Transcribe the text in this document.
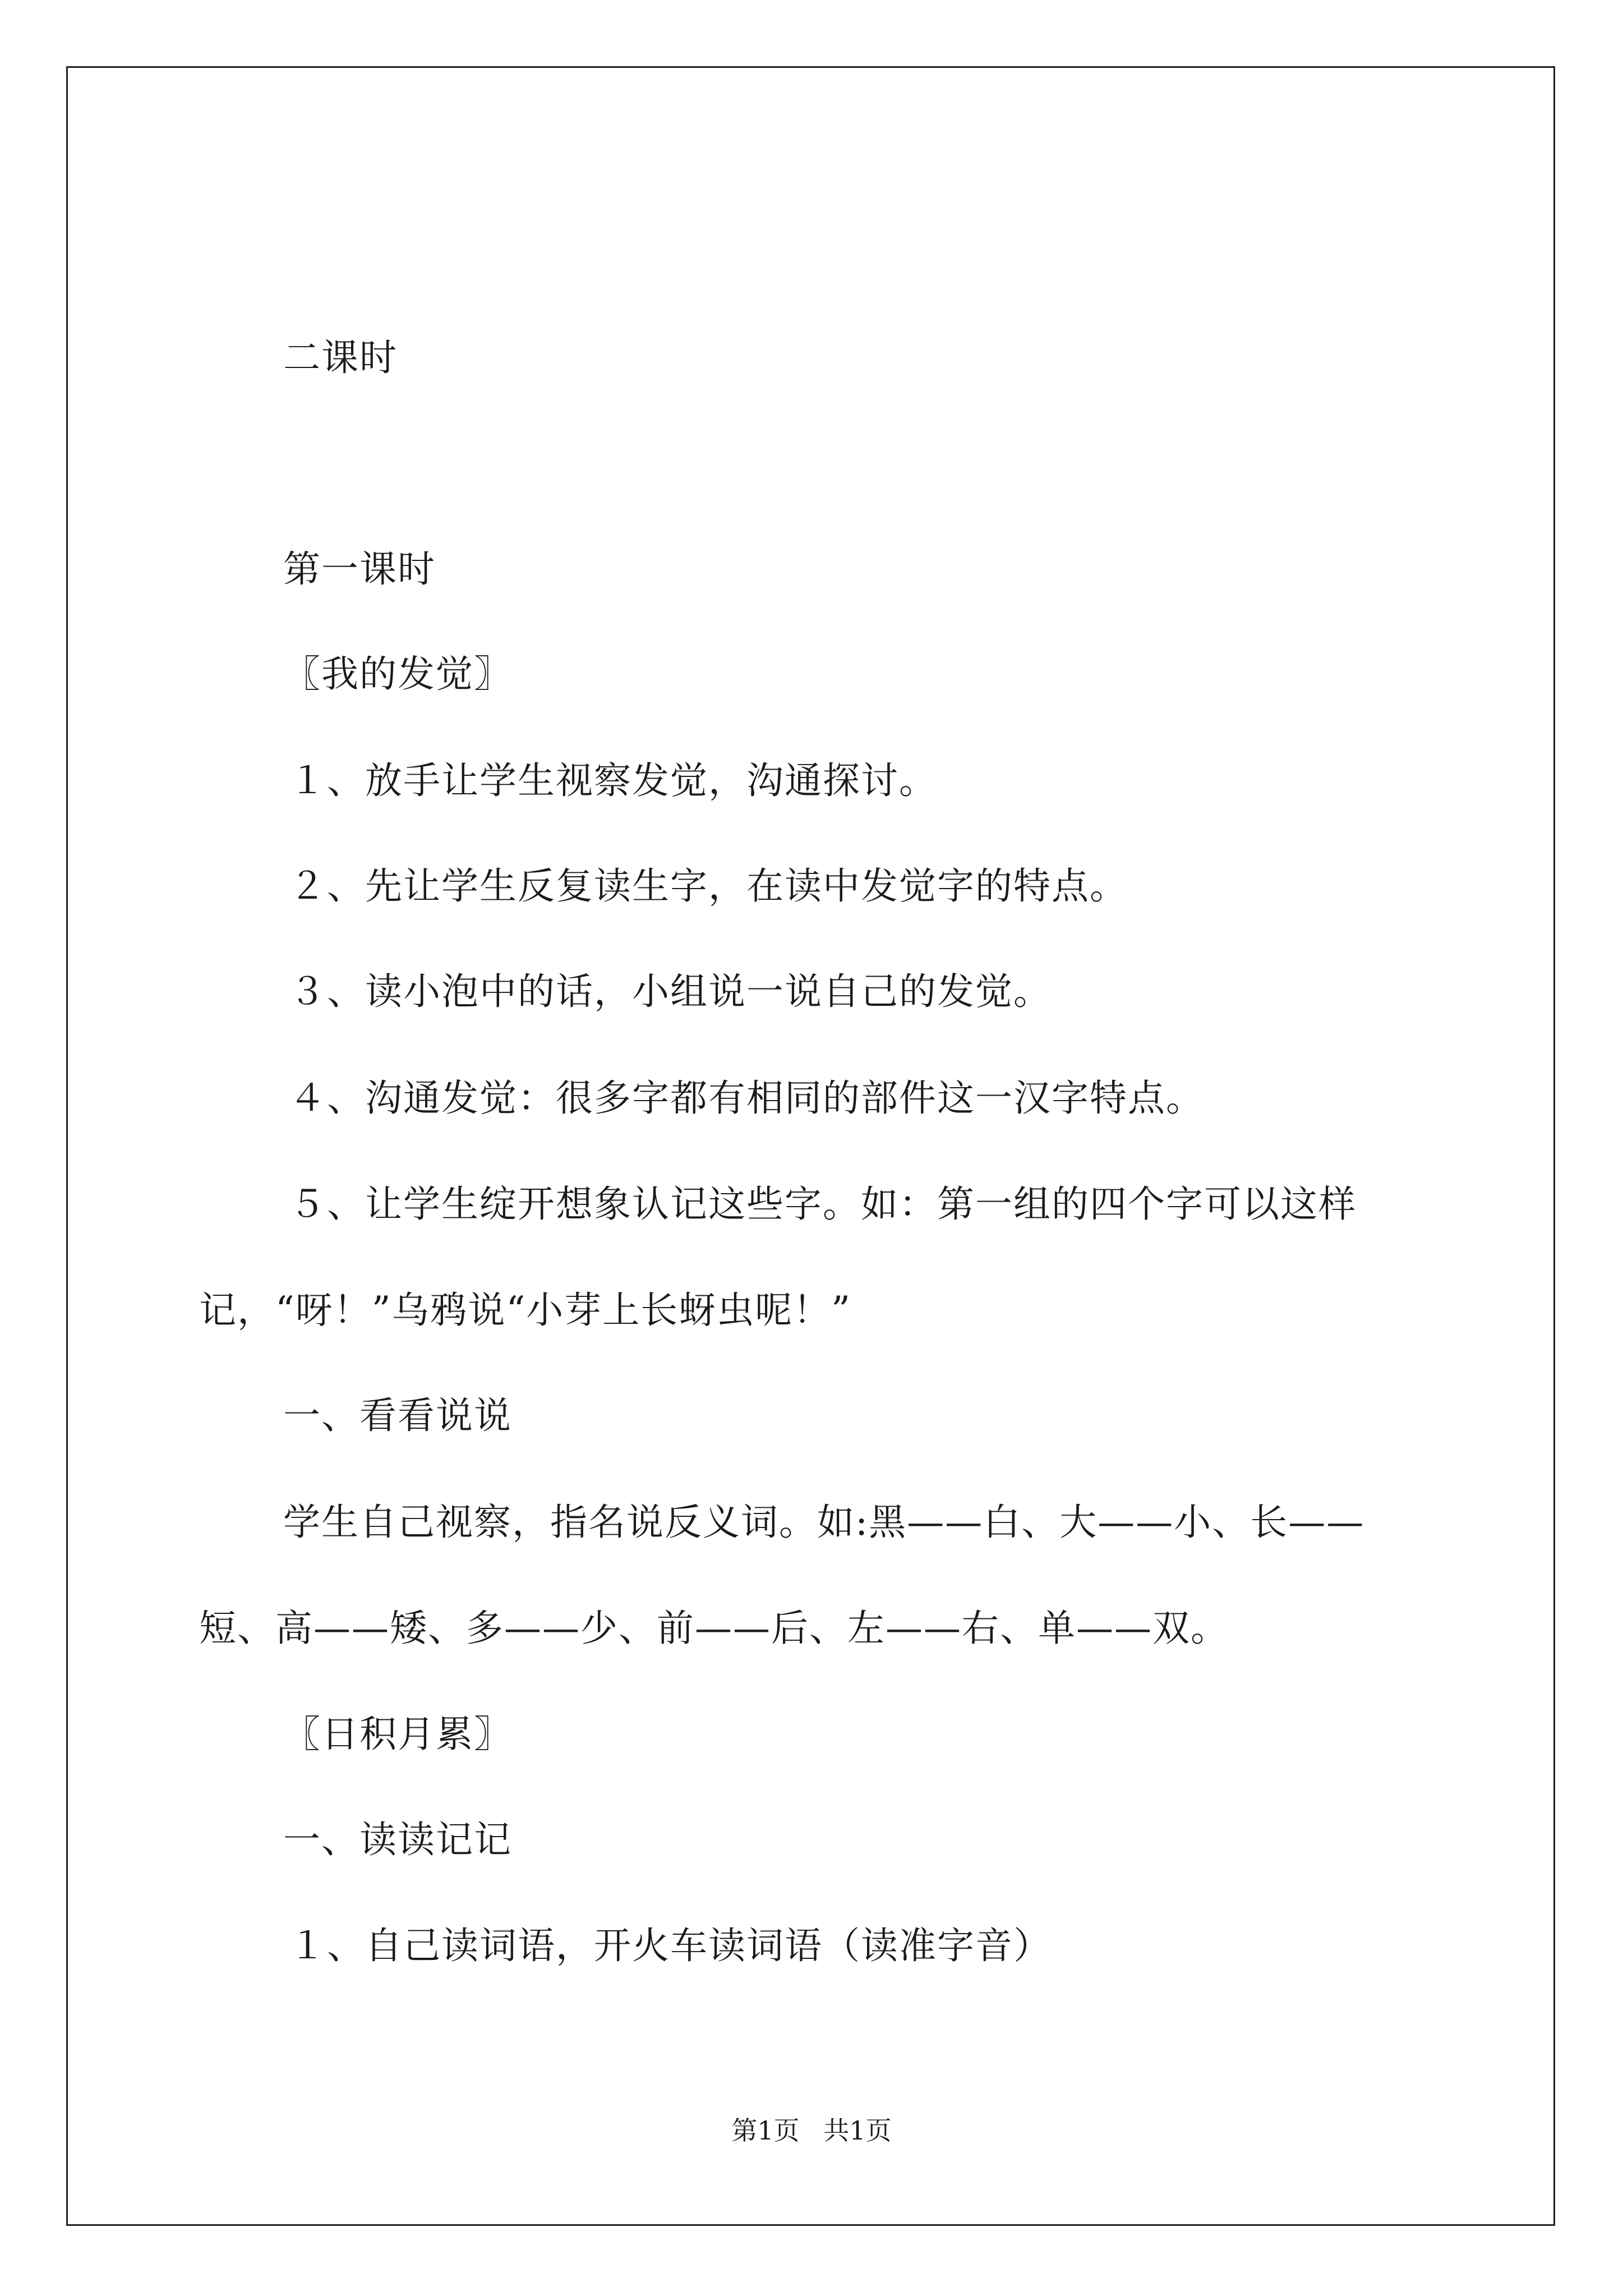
二课时
第一课时
〖我的发觉〗
１、放手让学生视察发觉，沟通探讨。
２、先让学生反复读生字，在读中发觉字的特点。
３、读小泡中的话，小组说一说自己的发觉。
４、沟通发觉：很多字都有相同的部件这一汉字特点。
５、让学生绽开想象认记这些字。如：第一组的四个字可以这样
记，“呀！”乌鸦说“小芽上长蚜虫呢！”
一、看看说说
学生自己视察，指名说反义词。如:黑——白、大——小、长——
短、高——矮、多——少、前——后、左——右、单——双。
〖日积月累〗
一、读读记记
１、自己读词语，开火车读词语（读准字音）
第1页 共1页
